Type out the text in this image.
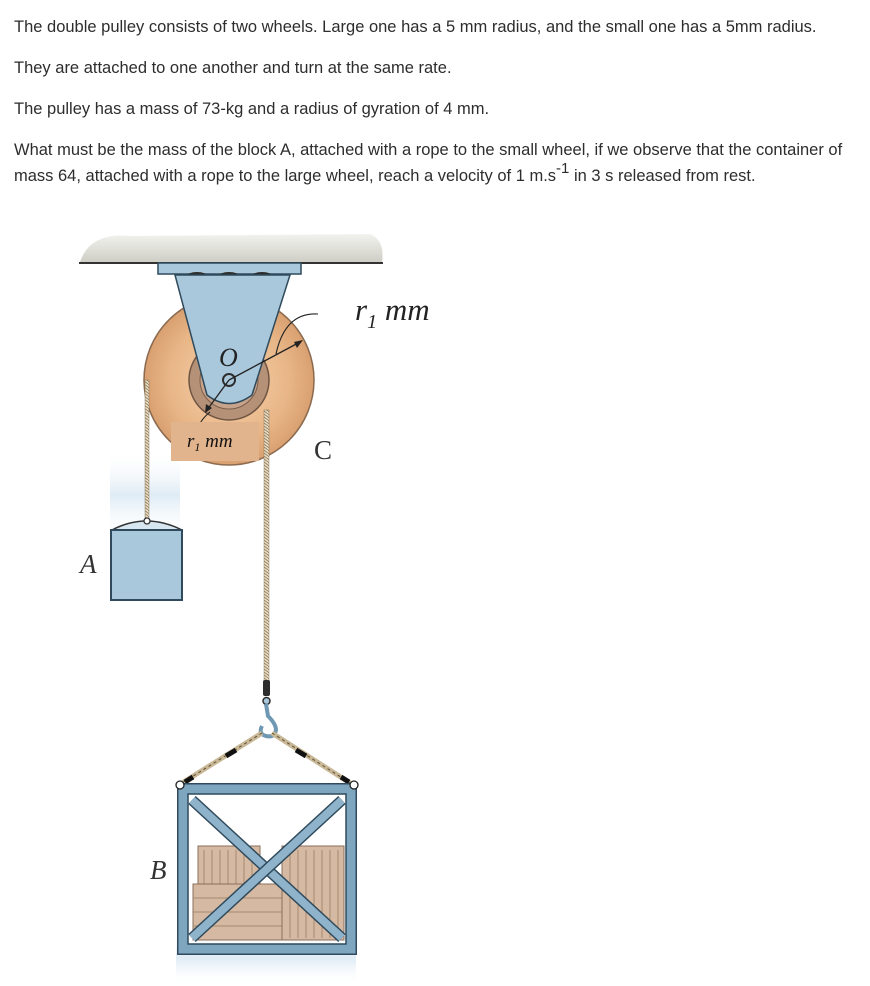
The double pulley consists of two wheels. Large one has a 5 mm radius, and the small one has a 5mm radius.

They are attached to one another and turn at the same rate.

The pulley has a mass of 73-kg and a radius of gyration of 4 mm.

What must be the mass of the block A, attached with a rope to the small wheel, if we observe that the container of mass 64, attached with a rope to the large wheel, reach a velocity of 1 $m.s^{-1}$ in 3 s released from rest.

$r_1$ mm
$r_1$ mm
O
C
A
B
